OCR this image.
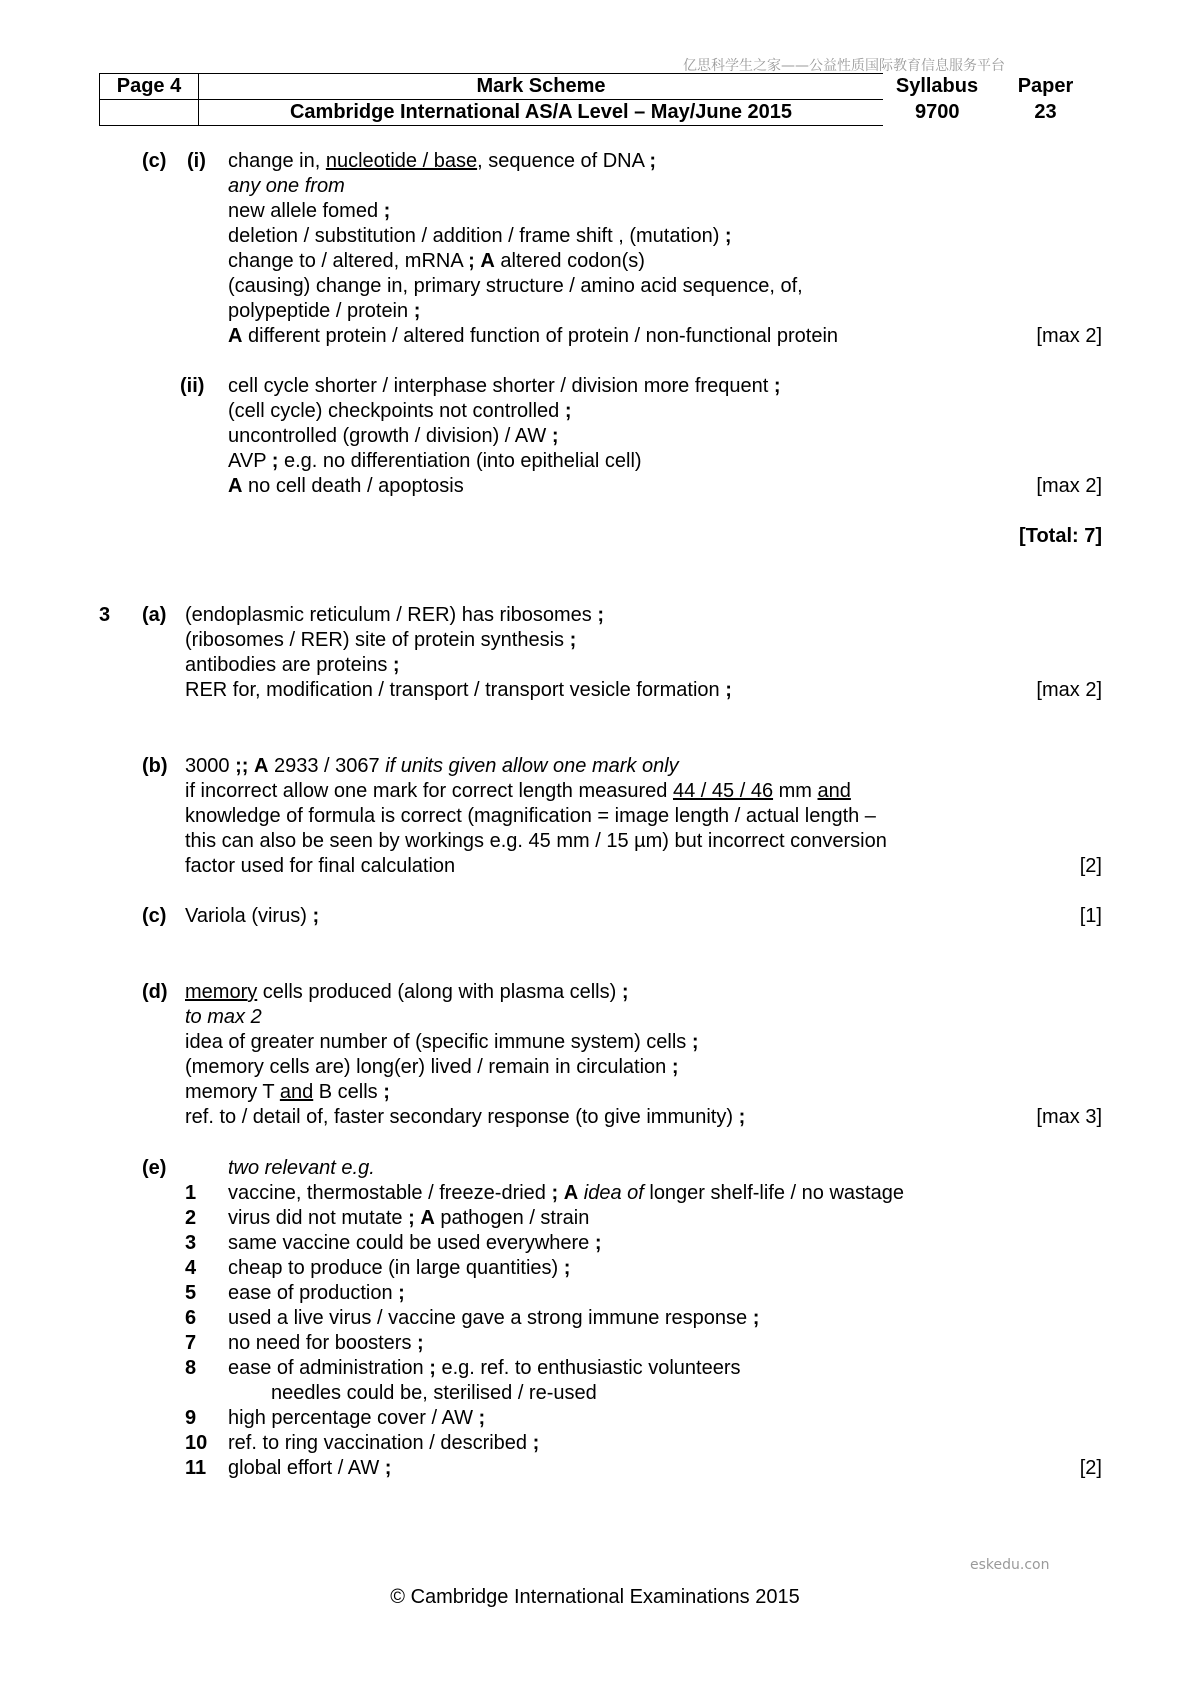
亿思科学生之家——公益性质国际教育信息服务平台
Page 4	Mark Scheme	Syllabus	Paper
	Cambridge International AS/A Level – May/June 2015	9700	23
(c) (i) change in, nucleotide / base, sequence of DNA ;
any one from
new allele fomed ;
deletion / substitution / addition / frame shift , (mutation) ;
change to / altered, mRNA ; A altered codon(s)
(causing) change in, primary structure / amino acid sequence, of,
polypeptide / protein ;
A different protein / altered function of protein / non-functional protein	[max 2]
(ii) cell cycle shorter / interphase shorter / division more frequent ;
(cell cycle) checkpoints not controlled ;
uncontrolled (growth / division) / AW ;
AVP ; e.g. no differentiation (into epithelial cell)
A no cell death / apoptosis	[max 2]
[Total: 7]
3 (a) (endoplasmic reticulum / RER) has ribosomes ;
(ribosomes / RER) site of protein synthesis ;
antibodies are proteins ;
RER for, modification / transport / transport vesicle formation ;	[max 2]
(b) 3000 ;; A 2933 / 3067 if units given allow one mark only
if incorrect allow one mark for correct length measured 44 / 45 / 46 mm and
knowledge of formula is correct (magnification = image length / actual length –
this can also be seen by workings e.g. 45 mm / 15 µm) but incorrect conversion
factor used for final calculation	[2]
(c) Variola (virus) ;	[1]
(d) memory cells produced (along with plasma cells) ;
to max 2
idea of greater number of (specific immune system) cells ;
(memory cells are) long(er) lived / remain in circulation ;
memory T and B cells ;
ref. to / detail of, faster secondary response (to give immunity) ;	[max 3]
(e)	two relevant e.g.
1 vaccine, thermostable / freeze-dried ; A idea of longer shelf-life / no wastage
2 virus did not mutate ; A pathogen / strain
3 same vaccine could be used everywhere ;
4 cheap to produce (in large quantities) ;
5 ease of production ;
6 used a live virus / vaccine gave a strong immune response ;
7 no need for boosters ;
8 ease of administration ; e.g. ref. to enthusiastic volunteers
needles could be, sterilised / re-used
9 high percentage cover / AW ;
10 ref. to ring vaccination / described ;
11 global effort / AW ;	[2]
eskedu.con
© Cambridge International Examinations 2015
